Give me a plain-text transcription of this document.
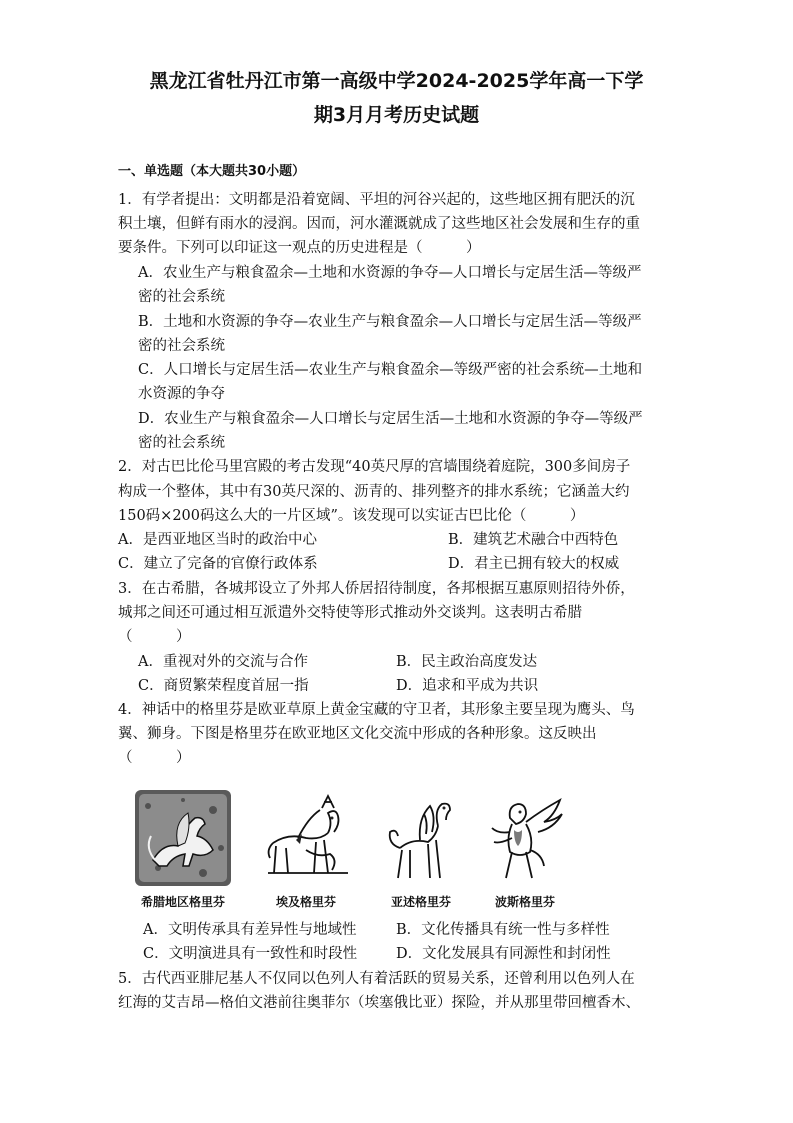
黑龙江省牡丹江市第一高级中学2024-2025学年高一下学
期3月月考历史试题
一、单选题（本大题共30小题）
1．有学者提出：文明都是沿着宽阔、平坦的河谷兴起的，这些地区拥有肥沃的沉
积土壤，但鲜有雨水的浸润。因而，河水灌溉就成了这些地区社会发展和生存的重
要条件。下列可以印证这一观点的历史进程是（　　　）
A．农业生产与粮食盈余—土地和水资源的争夺—人口增长与定居生活—等级严
密的社会系统
B．土地和水资源的争夺—农业生产与粮食盈余—人口增长与定居生活—等级严
密的社会系统
C．人口增长与定居生活—农业生产与粮食盈余—等级严密的社会系统—土地和
水资源的争夺
D．农业生产与粮食盈余—人口增长与定居生活—土地和水资源的争夺—等级严
密的社会系统
2．对古巴比伦马里宫殿的考古发现“40英尺厚的宫墙围绕着庭院，300多间房子
构成一个整体，其中有30英尺深的、沥青的、排列整齐的排水系统；它涵盖大约
150码×200码这么大的一片区域”。该发现可以实证古巴比伦（　　　）
A．是西亚地区当时的政治中心	B．建筑艺术融合中西特色
C．建立了完备的官僚行政体系	D．君主已拥有较大的权威
3．在古希腊，各城邦设立了外邦人侨居招待制度，各邦根据互惠原则招待外侨，
城邦之间还可通过相互派遣外交特使等形式推动外交谈判。这表明古希腊
（　　　）
A．重视对外的交流与合作	B．民主政治高度发达
C．商贸繁荣程度首屈一指	D．追求和平成为共识
4．神话中的格里芬是欧亚草原上黄金宝藏的守卫者，其形象主要呈现为鹰头、鸟
翼、狮身。下图是格里芬在欧亚地区文化交流中形成的各种形象。这反映出
（　　　）
希腊地区格里芬	埃及格里芬	亚述格里芬	波斯格里芬
A．文明传承具有差异性与地域性	B．文化传播具有统一性与多样性
C．文明演进具有一致性和时段性	D．文化发展具有同源性和封闭性
5．古代西亚腓尼基人不仅同以色列人有着活跃的贸易关系，还曾利用以色列人在
红海的艾吉昂—格伯文港前往奥菲尔（埃塞俄比亚）探险，并从那里带回檀香木、
